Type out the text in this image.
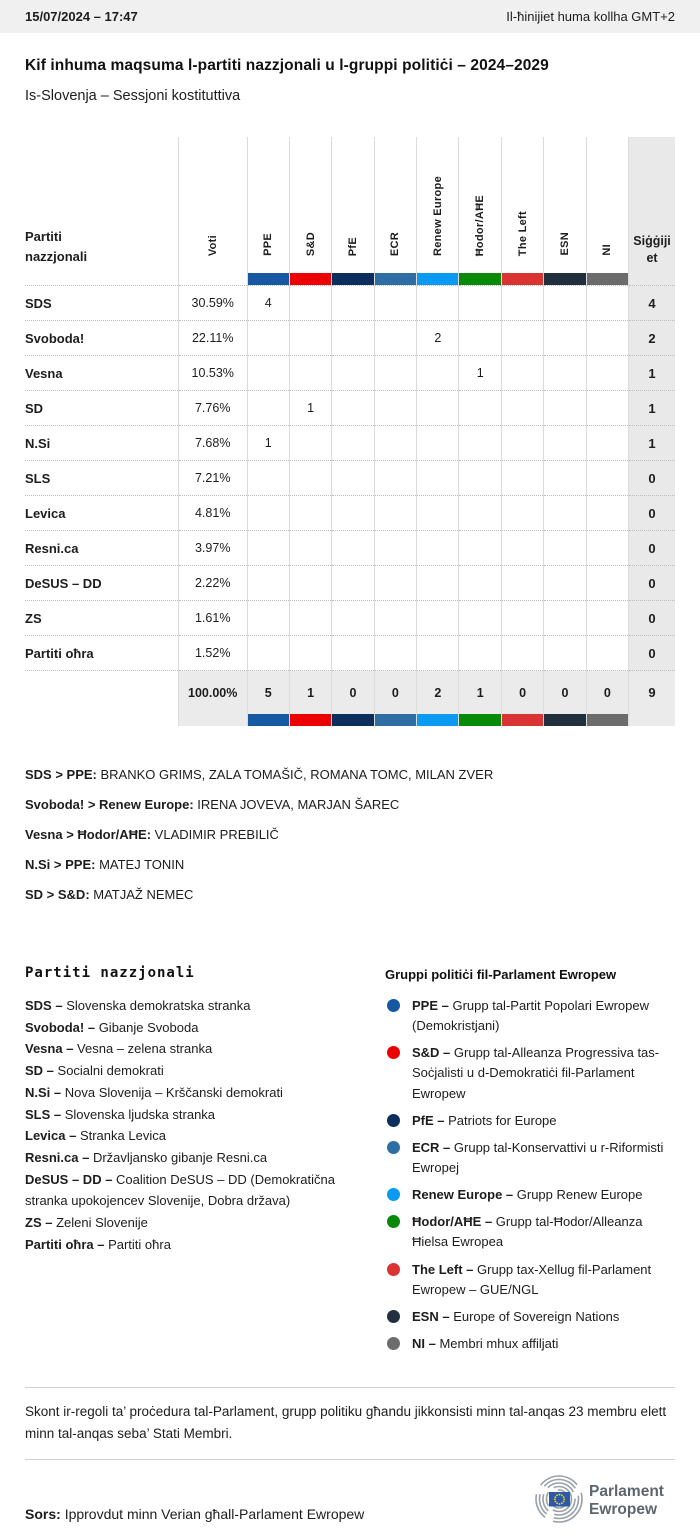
15/07/2024 – 17:47	Il-ħinijiet huma kollha GMT+2
Kif inhuma maqsuma l-partiti nazzjonali u l-gruppi politiċi – 2024–2029
Is-Slovenja – Sessjoni kostituttiva
Partiti nazzjonali	Voti	PPE	S&D	PfE	ECR	Renew Europe	Ħodor/AĦE	The Left	ESN	NI	Siġġijiet

SDS	30.59%	4									4
Svoboda!	22.11%					2					2
Vesna	10.53%						1				1
SD	7.76%		1								1
N.Si	7.68%	1									1
SLS	7.21%										0
Levica	4.81%										0
Resni.ca	3.97%										0
DeSUS – DD	2.22%										0
ZS	1.61%										0
Partiti oħra	1.52%										0
	100.00%	5	1	0	0	2	1	0	0	0	9

SDS > PPE: BRANKO GRIMS, ZALA TOMAŠIČ, ROMANA TOMC, MILAN ZVER

Svoboda! > Renew Europe: IRENA JOVEVA, MARJAN ŠAREC

Vesna > Ħodor/AĦE: VLADIMIR PREBILIČ

N.Si > PPE: MATEJ TONIN

SD > S&D: MATJAŽ NEMEC

Partiti nazzjonali
SDS – Slovenska demokratska stranka
Svoboda! – Gibanje Svoboda
Vesna – Vesna – zelena stranka
SD – Socialni demokrati
N.Si – Nova Slovenija – Krščanski demokrati
SLS – Slovenska ljudska stranka
Levica – Stranka Levica
Resni.ca – Državljansko gibanje Resni.ca
DeSUS – DD – Coalition DeSUS – DD (Demokratična stranka upokojencev Slovenije, Dobra država)
ZS – Zeleni Slovenije
Partiti oħra – Partiti oħra
Gruppi politiċi fil-Parlament Ewropew
PPE – Grupp tal-Partit Popolari Ewropew (Demokristjani)
S&D – Grupp tal-Alleanza Progressiva tas-Soċjalisti u d-Demokratiċi fil-Parlament Ewropew
PfE – Patriots for Europe
ECR – Grupp tal-Konservattivi u r-Riformisti Ewropej
Renew Europe – Grupp Renew Europe
Ħodor/AĦE – Grupp tal-Ħodor/Alleanza Ħielsa Ewropea
The Left – Grupp tax-Xellug fil-Parlament Ewropew – GUE/NGL
ESN – Europe of Sovereign Nations
NI – Membri mhux affiljati

Skont ir-regoli ta’ proċedura tal-Parlament, grupp politiku għandu jikkonsisti minn tal-anqas 23 membru elett minn tal-anqas seba’ Stati Membri.

Sors: Ipprovdut minn Verian għall-Parlament Ewropew

Parlament
Ewropew
